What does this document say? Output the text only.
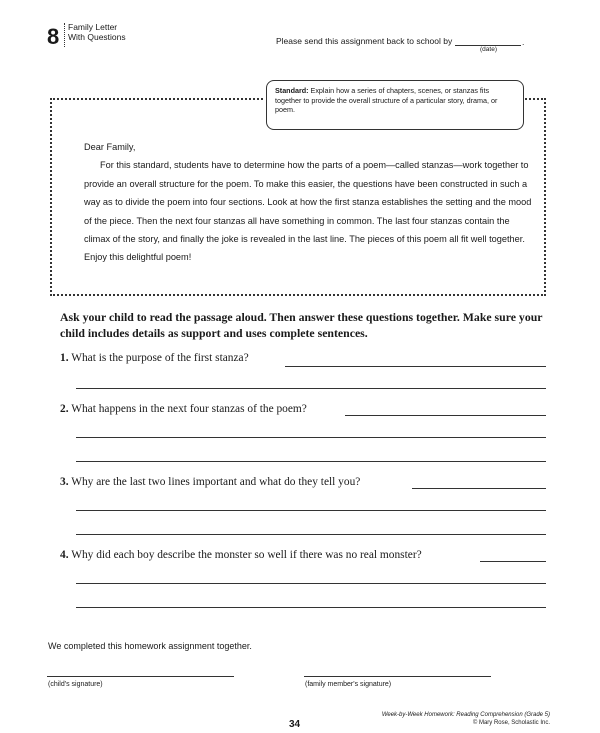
8 Family Letter
With Questions	Please send this assignment back to school by
(date)
.
Standard: Explain how a series of chapters, scenes, or stanzas fits together to provide the overall structure of a particular story, drama, or poem.

Dear Family,

For this standard, students have to determine how the parts of a poem—called stanzas—work together to provide an overall structure for the poem. To make this easier, the questions have been constructed in such a way as to divide the poem into four sections. Look at how the first stanza establishes the setting and the mood of the piece. Then the next four stanzas all have something in common. The last four stanzas contain the climax of the story, and finally the joke is revealed in the last line. The pieces of this poem all fit well together. Enjoy this delightful poem!

Ask your child to read the passage aloud. Then answer these questions together. Make sure your child includes details as support and uses complete sentences.
1. What is the purpose of the first stanza?
2. What happens in the next four stanzas of the poem?
3. Why are the last two lines important and what do they tell you?
4. Why did each boy describe the monster so well if there was no real monster?
We completed this homework assignment together.
(child's signature)	(family member's signature)
34
Week-by-Week Homework: Reading Comprehension (Grade 5)
© Mary Rose, Scholastic Inc.
